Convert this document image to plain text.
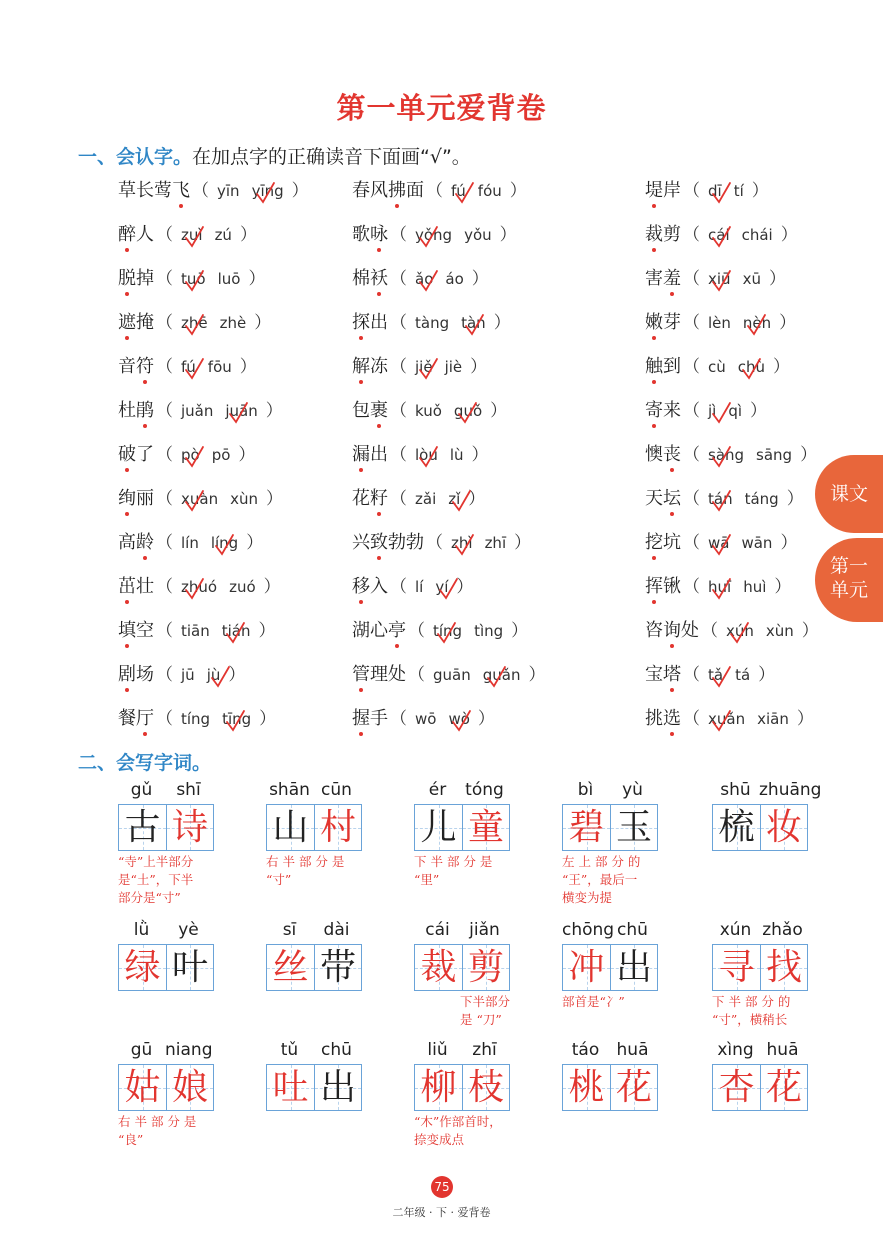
第一单元爱背卷
一、会认字。在加点字的正确读音下面画“√”。
草长莺飞 （ yīn yīng ） 春风拂面 （ fú fóu ）	堤岸 （ dī tí ）
醉人 （ zuì zú ）	歌咏 （ yǒng yǒu ）	裁剪 （ cái chái ）
脱掉 （ tuō luō ）	棉袄 （ ǎo áo ）	害羞 （ xiū xū ）
遮掩 （ zhē zhè ）	探出 （ tàng tàn ）	嫩芽 （ lèn nèn ）
音符 （ fú fōu ）	解冻 （ jiě jiè ）	触到 （ cù chù ）
杜鹃 （ juǎn juān ）	包裹 （ kuǒ guǒ ）	寄来 （ jì qì ）
破了 （ pò pō ）	漏出 （ lòu lù ）	懊丧 （ sàng sāng ）
绚丽 （ xuàn xùn ）	花籽 （ zǎi zǐ ）	天坛 （ tán táng ）
高龄 （ lín líng ）	兴致勃勃 （ zhì zhī ）	挖坑 （ wā wān ）
茁壮 （ zhuó zuó ）	移入 （ lí yí ）	挥锹 （ huī huì ）
填空 （ tiān tián ）	湖心亭 （ tíng tìng ）	咨询处 （ xún xùn ）
剧场 （ jū jù ）	管理处 （ guān guǎn ）	宝塔 （ tǎ tá ）
餐厅 （ tíng tīng ）	握手 （ wō wò ）	挑选 （ xuǎn xiān ）
二、会写字词。
gǔ shī
古 诗
“寺”上半部分
是“土”，下半
部分是“寸”
shān cūn
山 村
右 半 部 分 是
“寸”
ér tóng
儿 童
下 半 部 分 是
“里”
bì yù
碧 玉
左 上 部 分 的
“王”，最后一
横变为提
shū zhuāng
梳 妆
lǜ yè
绿 叶
sī dài
丝 带
cái jiǎn
裁 剪
下半部分
是 “刀”
chōng chū
冲 出
部首是“冫”
xún zhǎo
寻 找
下 半 部 分 的
“寸”，横稍长
gū niang
姑 娘
右 半 部 分 是
“良”
tǔ chū
吐 出
liǔ zhī
柳 枝
“木”作部首时，
捺变成点
táo huā
桃 花
xìng huā
杏 花
课文
第一
单元
75
二年级 · 下 · 爱背卷
